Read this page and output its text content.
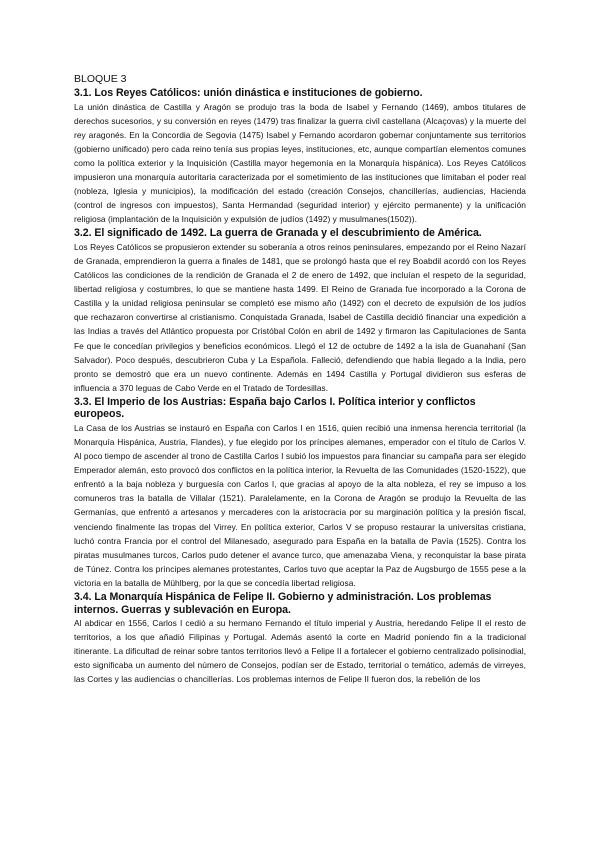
BLOQUE 3
3.1. Los Reyes Católicos: unión dinástica e instituciones de gobierno.

La unión dinástica de Castilla y Aragón se produjo tras la boda de Isabel y Fernando (1469), ambos titulares de derechos sucesorios, y su conversión en reyes (1479) tras finalizar la guerra civil castellana (Alcaçovas) y la muerte del rey aragonés. En la Concordia de Segovia (1475) Isabel y Fernando acordaron gobernar conjuntamente sus territorios (gobierno unificado) pero cada reino tenía sus propias leyes, instituciones, etc, aunque compartían elementos comunes como la política exterior y la Inquisición (Castilla mayor hegemonía en la Monarquía hispánica). Los Reyes Católicos impusieron una monarquía autoritaria caracterizada por el sometimiento de las instituciones que limitaban el poder real (nobleza, Iglesia y municipios), la modificación del estado (creación Consejos, chancillerías, audiencias, Hacienda (control de ingresos con impuestos), Santa Hermandad (seguridad interior) y ejército permanente) y la unificación religiosa (implantación de la Inquisición y expulsión de judíos (1492) y musulmanes(1502)).

3.2. El significado de 1492. La guerra de Granada y el descubrimiento de América.

Los Reyes Católicos se propusieron extender su soberanía a otros reinos peninsulares, empezando por el Reino Nazarí de Granada, emprendieron la guerra a finales de 1481, que se prolongó hasta que el rey Boabdil acordó con los Reyes Católicos las condiciones de la rendición de Granada el 2 de enero de 1492, que incluían el respeto de la seguridad, libertad religiosa y costumbres, lo que se mantiene hasta 1499. El Reino de Granada fue incorporado a la Corona de Castilla y la unidad religiosa peninsular se completó ese mismo año (1492) con el decreto de expulsión de los judíos que rechazaron convertirse al cristianismo. Conquistada Granada, Isabel de Castilla decidió financiar una expedición a las Indias a través del Atlántico propuesta por Cristóbal Colón en abril de 1492 y firmaron las Capitulaciones de Santa Fe que le concedían privilegios y beneficios económicos. Llegó el 12 de octubre de 1492 a la isla de Guanahaní (San Salvador). Poco después, descubrieron Cuba y La Española. Falleció, defendiendo que había llegado a la India, pero pronto se demostró que era un nuevo continente. Además en 1494 Castilla y Portugal dividieron sus esferas de influencia a 370 leguas de Cabo Verde en el Tratado de Tordesillas.

3.3. El Imperio de los Austrias: España bajo Carlos I. Política interior y conflictos europeos.

La Casa de los Austrias se instauró en España con Carlos I en 1516, quien recibió una inmensa herencia territorial (la Monarquía Hispánica, Austria, Flandes), y fue elegido por los príncipes alemanes, emperador con el título de Carlos V. Al poco tiempo de ascender al trono de Castilla Carlos I subió los impuestos para financiar su campaña para ser elegido Emperador alemán, esto provocó dos conflictos en la política interior, la Revuelta de las Comunidades (1520-1522), que enfrentó a la baja nobleza y burguesía con Carlos I, que gracias al apoyo de la alta nobleza, el rey se impuso a los comuneros tras la batalla de Villalar (1521). Paralelamente, en la Corona de Aragón se produjo la Revuelta de las Germanías, que enfrentó a artesanos y mercaderes con la aristocracia por su marginación política y la presión fiscal, venciendo finalmente las tropas del Virrey. En política exterior, Carlos V se propuso restaurar la universitas cristiana, luchó contra Francia por el control del Milanesado, asegurado para España en la batalla de Pavía (1525). Contra los piratas musulmanes turcos, Carlos pudo detener el avance turco, que amenazaba Viena, y reconquistar la base pirata de Túnez. Contra los príncipes alemanes protestantes, Carlos tuvo que aceptar la Paz de Augsburgo de 1555 pese a la victoria en la batalla de Mühlberg, por la que se concedía libertad religiosa.

3.4. La Monarquía Hispánica de Felipe II. Gobierno y administración. Los problemas internos. Guerras y sublevación en Europa.

Al abdicar en 1556, Carlos I cedió a su hermano Fernando el título imperial y Austria, heredando Felipe II el resto de territorios, a los que añadió Filipinas y Portugal. Además asentó la corte en Madrid poniendo fin a la tradicional itinerante. La dificultad de reinar sobre tantos territorios llevó a Felipe II a fortalecer el gobierno centralizado polisinodial, esto significaba un aumento del número de Consejos, podían ser de Estado, territorial o temático, además de virreyes, las Cortes y las audiencias o chancillerías. Los problemas internos de Felipe II fueron dos, la rebelión de los
